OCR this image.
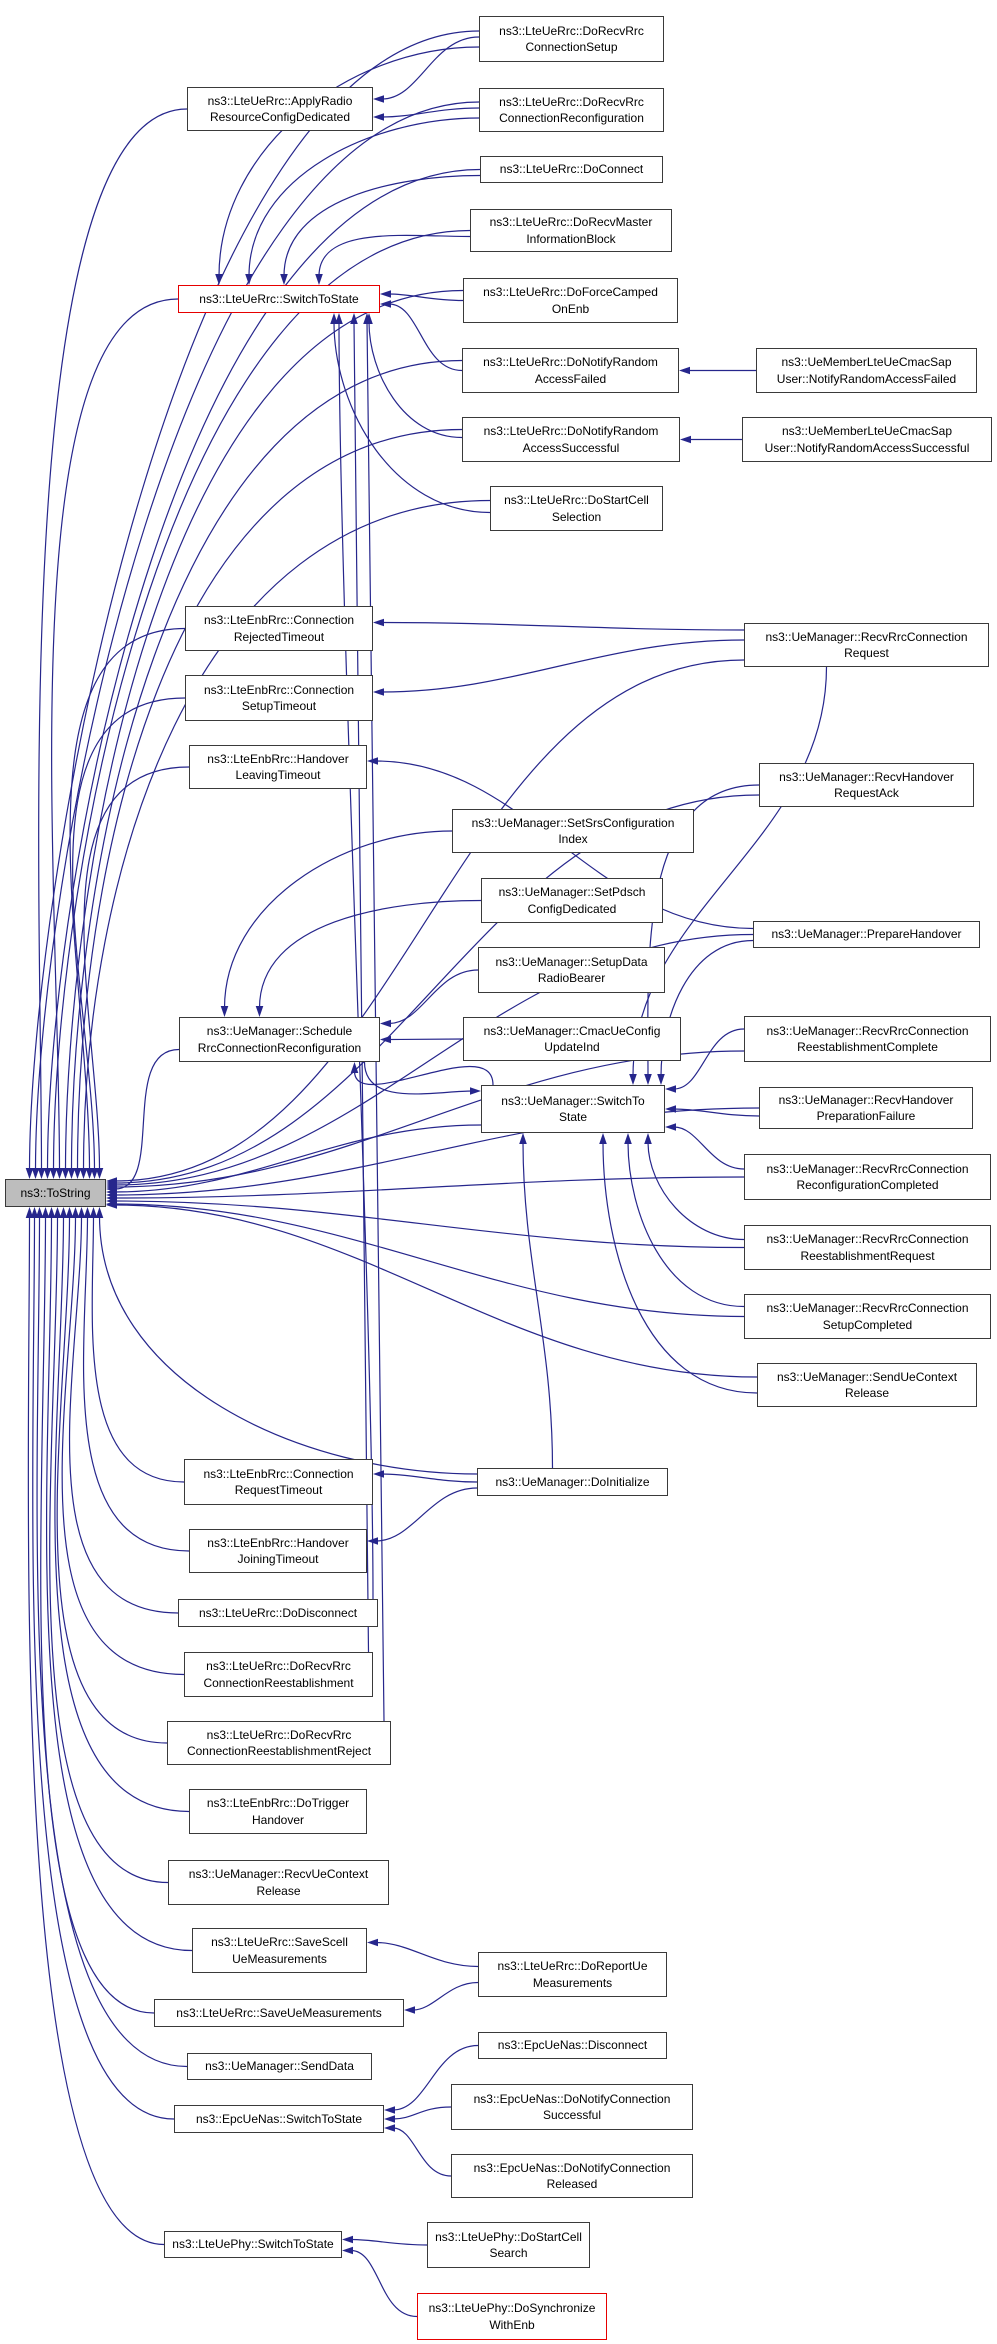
ns3::ToString
ns3::LteUeRrc::DoRecvRrc
ConnectionSetup
ns3::LteUeRrc::DoRecvRrc
ConnectionReconfiguration
ns3::LteUeRrc::ApplyRadio
ResourceConfigDedicated
ns3::LteUeRrc::DoConnect
ns3::LteUeRrc::DoRecvMaster
InformationBlock
ns3::LteUeRrc::SwitchToState	ns3::LteUeRrc::DoForceCamped
OnEnb
ns3::LteUeRrc::DoNotifyRandom
AccessFailed
ns3::UeMemberLteUeCmacSap
User::NotifyRandomAccessFailed
ns3::LteUeRrc::DoNotifyRandom
AccessSuccessful
ns3::UeMemberLteUeCmacSap
User::NotifyRandomAccessSuccessful
ns3::LteUeRrc::DoStartCell
Selection
ns3::LteEnbRrc::Connection
RejectedTimeout
ns3::LteEnbRrc::Connection
SetupTimeout
ns3::LteEnbRrc::Handover
LeavingTimeout
ns3::UeManager::RecvRrcConnection
Request
ns3::UeManager::RecvHandover
RequestAck
ns3::UeManager::SetSrsConfiguration
Index
ns3::UeManager::SetPdsch
ConfigDedicated
ns3::UeManager::SetupData
RadioBearer
ns3::UeManager::PrepareHandover
ns3::UeManager::CmacUeConfig
UpdateInd
ns3::UeManager::Schedule
RrcConnectionReconfiguration
ns3::UeManager::RecvRrcConnection
ReestablishmentComplete
ns3::UeManager::SwitchTo
State
ns3::UeManager::RecvHandover
PreparationFailure
ns3::UeManager::RecvRrcConnection
ReconfigurationCompleted
ns3::UeManager::RecvRrcConnection
ReestablishmentRequest
ns3::UeManager::RecvRrcConnection
SetupCompleted
ns3::UeManager::SendUeContext
Release
ns3::LteEnbRrc::Connection
RequestTimeout
ns3::UeManager::DoInitialize
ns3::LteEnbRrc::Handover
JoiningTimeout
ns3::LteUeRrc::DoDisconnect
ns3::LteUeRrc::DoRecvRrc
ConnectionReestablishment
ns3::LteUeRrc::DoRecvRrc
ConnectionReestablishmentReject
ns3::LteEnbRrc::DoTrigger
Handover
ns3::UeManager::RecvUeContext
Release
ns3::LteUeRrc::SaveScell
UeMeasurements
ns3::LteUeRrc::SaveUeMeasurements
ns3::UeManager::SendData
ns3::EpcUeNas::SwitchToState
ns3::LteUeRrc::DoReportUe
Measurements
ns3::EpcUeNas::Disconnect
ns3::EpcUeNas::DoNotifyConnection
Successful
ns3::EpcUeNas::DoNotifyConnection
Released
ns3::LteUePhy::SwitchToState
ns3::LteUePhy::DoStartCell
Search
ns3::LteUePhy::DoSynchronize
WithEnb
